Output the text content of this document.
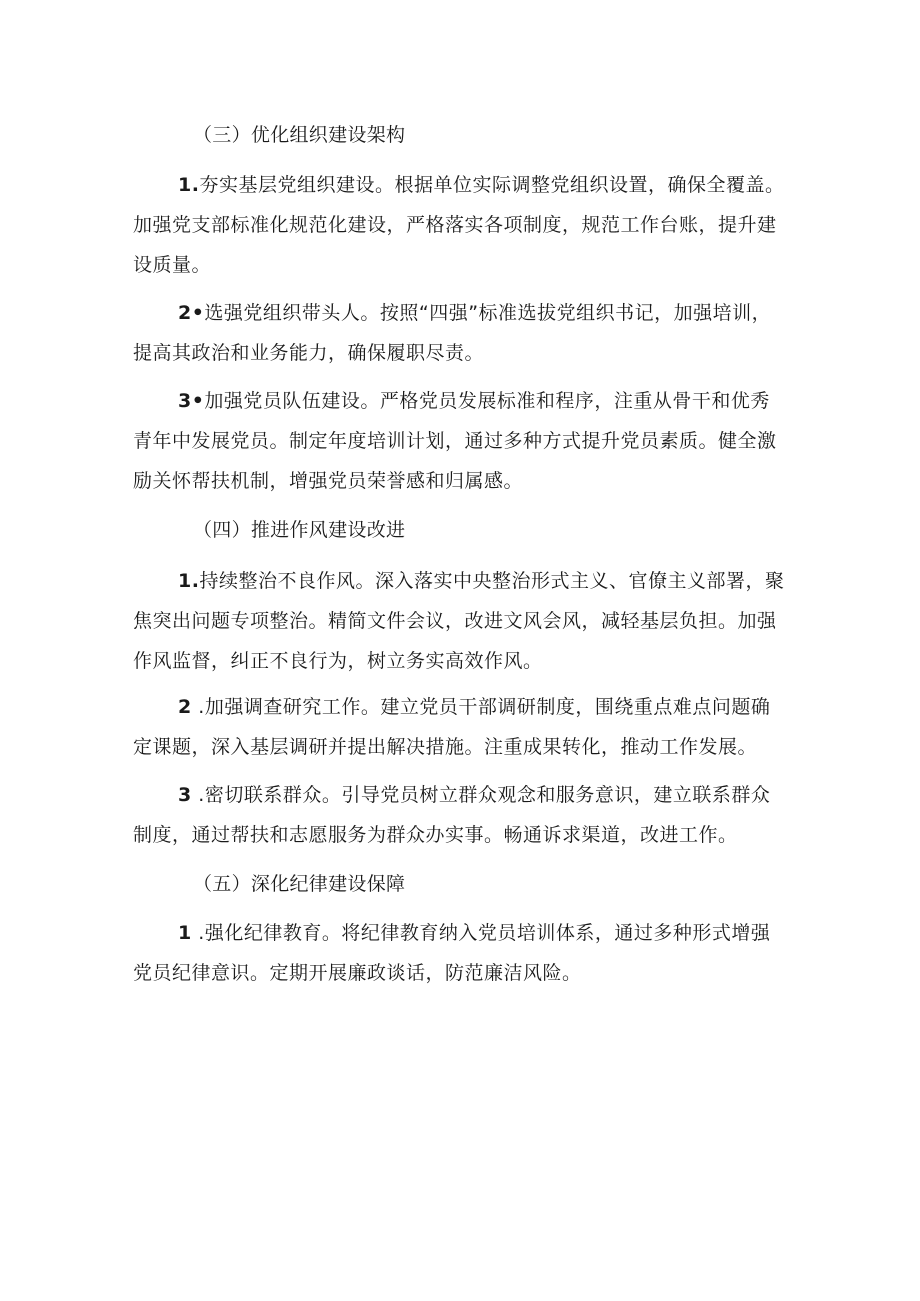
（三）优化组织建设架构
1.夯实基层党组织建设。根据单位实际调整党组织设置，确保全覆盖。
加强党支部标准化规范化建设，严格落实各项制度，规范工作台账，提升建
设质量。
2•选强党组织带头人。按照“四强”标准选拔党组织书记，加强培训，
提高其政治和业务能力，确保履职尽责。
3•加强党员队伍建设。严格党员发展标准和程序，注重从骨干和优秀
青年中发展党员。制定年度培训计划，通过多种方式提升党员素质。健全激
励关怀帮扶机制，增强党员荣誉感和归属感。
（四）推进作风建设改进
1.持续整治不良作风。深入落实中央整治形式主义、官僚主义部署，聚
焦突出问题专项整治。精简文件会议，改进文风会风，减轻基层负担。加强
作风监督，纠正不良行为，树立务实高效作风。
2 .加强调查研究工作。建立党员干部调研制度，围绕重点难点问题确
定课题，深入基层调研并提出解决措施。注重成果转化，推动工作发展。
3 .密切联系群众。引导党员树立群众观念和服务意识，建立联系群众
制度，通过帮扶和志愿服务为群众办实事。畅通诉求渠道，改进工作。
（五）深化纪律建设保障
1 .强化纪律教育。将纪律教育纳入党员培训体系，通过多种形式增强
党员纪律意识。定期开展廉政谈话，防范廉洁风险。
